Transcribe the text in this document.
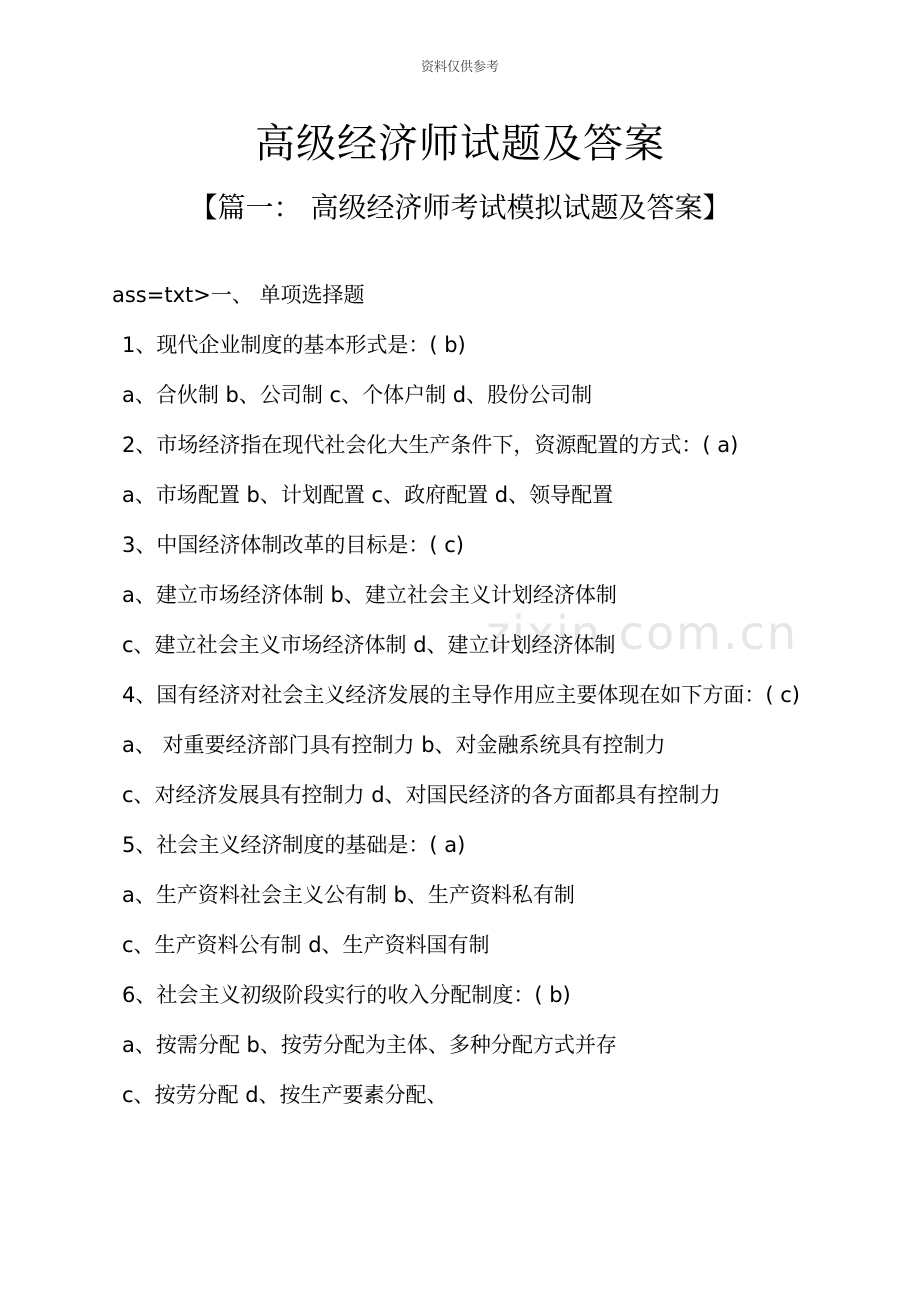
资料仅供参考
高级经济师试题及答案
【篇一： 高级经济师考试模拟试题及答案】
zixin.com.cn
ass=txt>一、 单项选择题
1、现代企业制度的基本形式是：( b)
a、合伙制 b、公司制 c、个体户制 d、股份公司制
2、市场经济指在现代社会化大生产条件下，资源配置的方式：( a)
a、市场配置 b、计划配置 c、政府配置 d、领导配置
3、中国经济体制改革的目标是：( c)
a、建立市场经济体制 b、建立社会主义计划经济体制
c、建立社会主义市场经济体制 d、建立计划经济体制
4、国有经济对社会主义经济发展的主导作用应主要体现在如下方面：( c)
a、 对重要经济部门具有控制力 b、对金融系统具有控制力
c、对经济发展具有控制力 d、对国民经济的各方面都具有控制力
5、社会主义经济制度的基础是：( a)
a、生产资料社会主义公有制 b、生产资料私有制
c、生产资料公有制 d、生产资料国有制
6、社会主义初级阶段实行的收入分配制度：( b)
a、按需分配 b、按劳分配为主体、多种分配方式并存
c、按劳分配 d、按生产要素分配、
